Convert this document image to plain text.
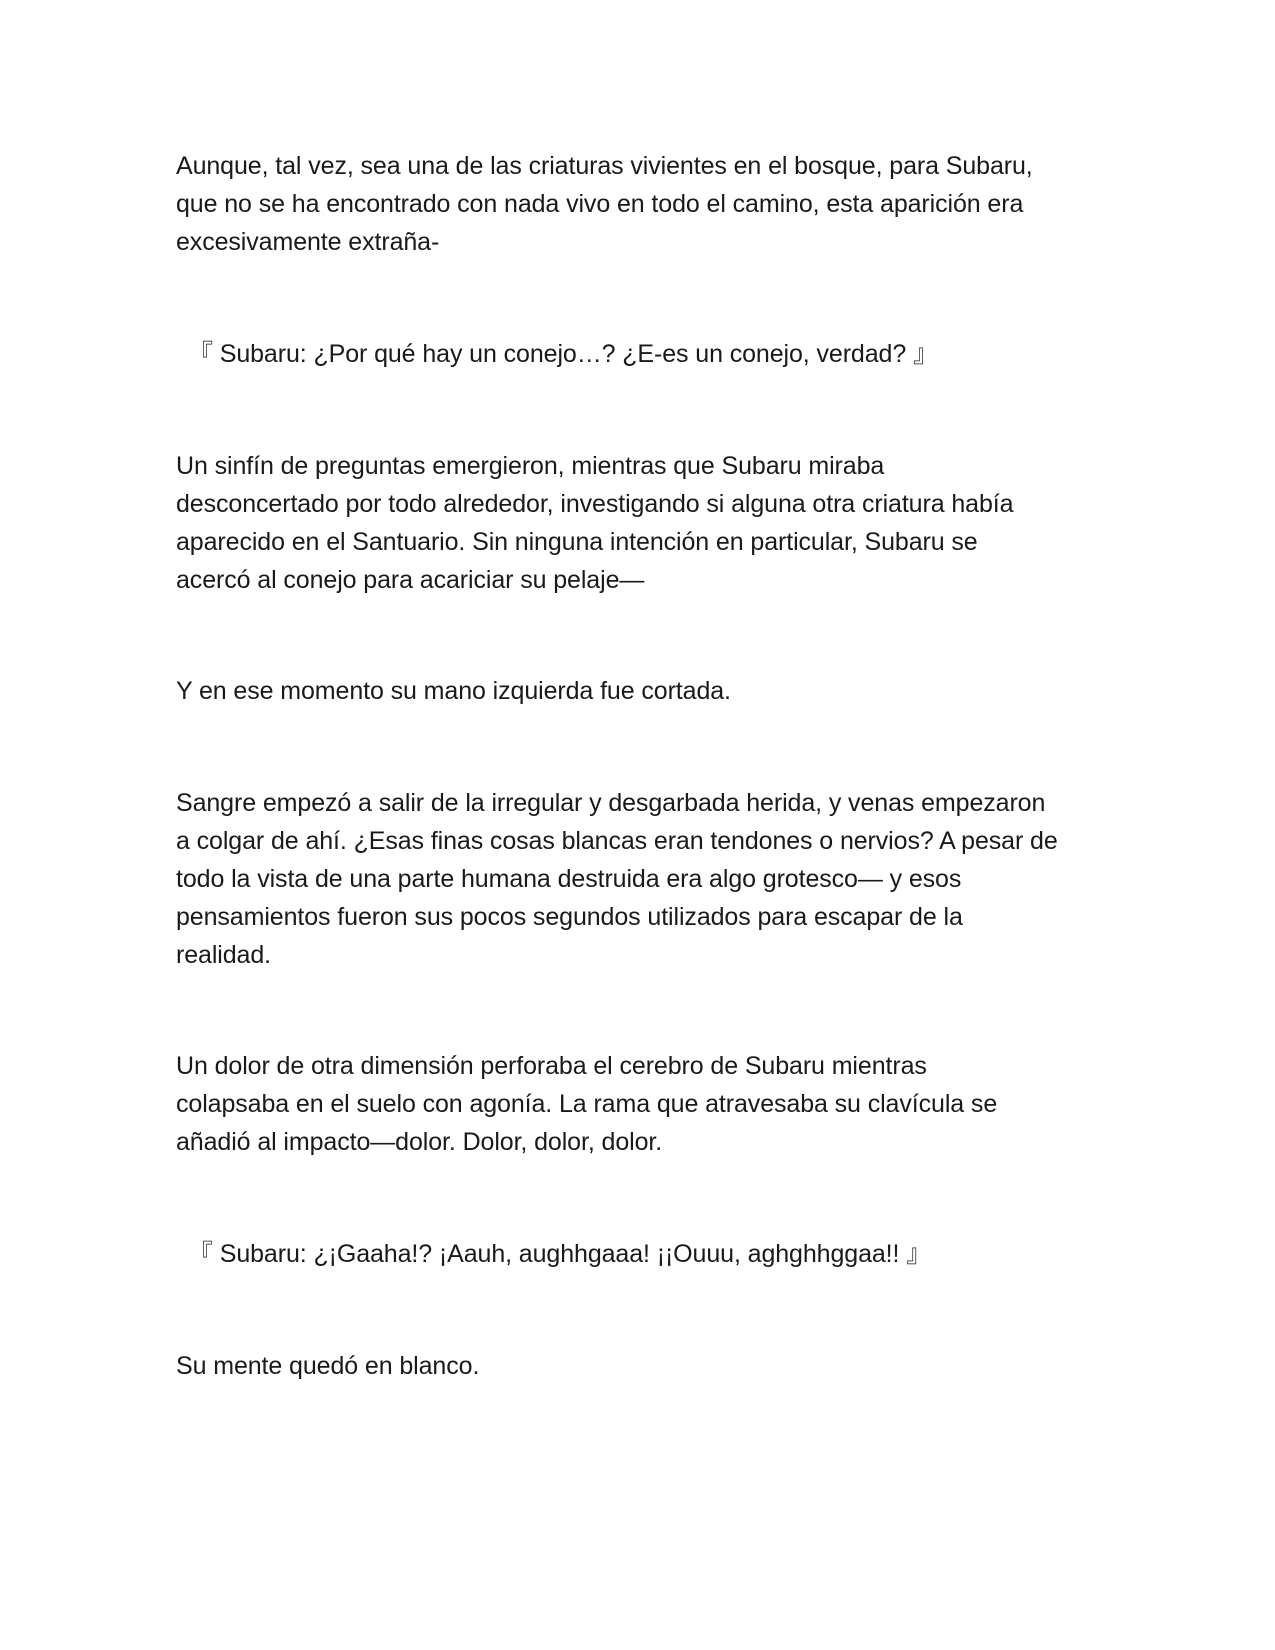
Aunque, tal vez, sea una de las criaturas vivientes en el bosque, para Subaru,
que no se ha encontrado con nada vivo en todo el camino, esta aparición era
excesivamente extraña-

『 Subaru: ¿Por qué hay un conejo…? ¿E-es un conejo, verdad? 』

Un sinfín de preguntas emergieron, mientras que Subaru miraba
desconcertado por todo alrededor, investigando si alguna otra criatura había
aparecido en el Santuario. Sin ninguna intención en particular, Subaru se
acercó al conejo para acariciar su pelaje—

Y en ese momento su mano izquierda fue cortada.

Sangre empezó a salir de la irregular y desgarbada herida, y venas empezaron
a colgar de ahí. ¿Esas finas cosas blancas eran tendones o nervios? A pesar de
todo la vista de una parte humana destruida era algo grotesco— y esos
pensamientos fueron sus pocos segundos utilizados para escapar de la
realidad.

Un dolor de otra dimensión perforaba el cerebro de Subaru mientras
colapsaba en el suelo con agonía. La rama que atravesaba su clavícula se
añadió al impacto—dolor. Dolor, dolor, dolor.

『 Subaru: ¿¡Gaaha!? ¡Aauh, aughhgaaa! ¡¡Ouuu, aghghhggaa!! 』

Su mente quedó en blanco.
